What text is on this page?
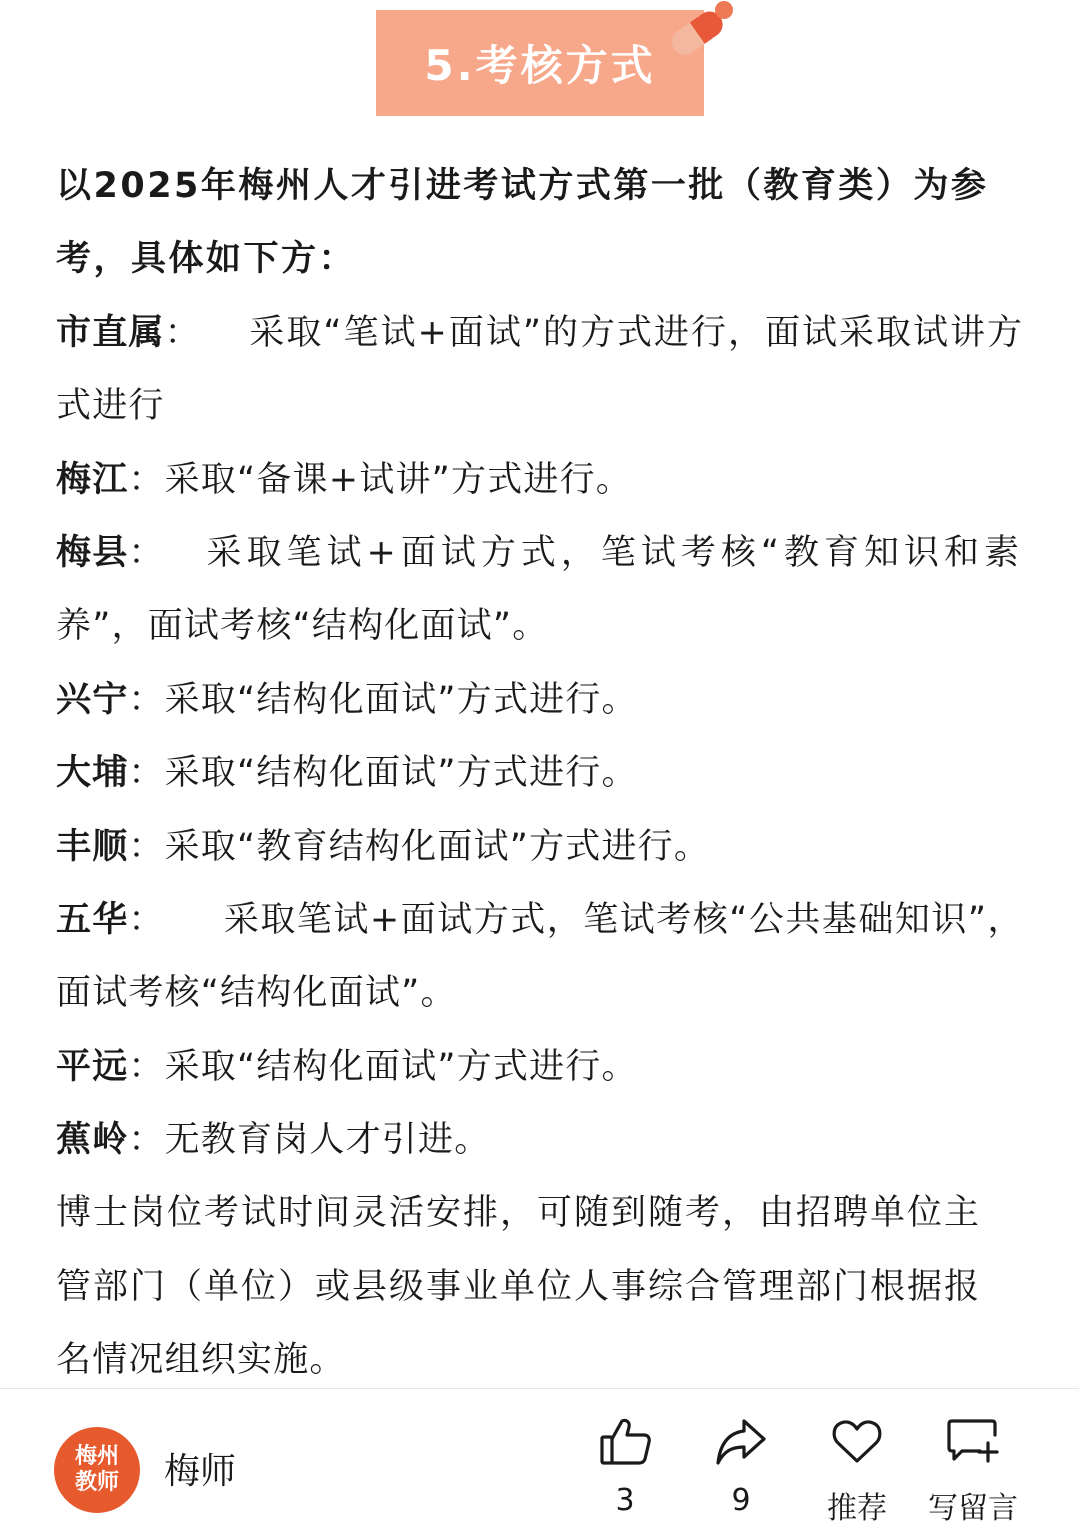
5.考核方式
以2025年梅州人才引进考试方式第一批（教育类）为参
考，具体如下方：
市直属： 采取“笔试+面试”的方式进行，面试采取试讲方
式进行
梅江：采取“备课+试讲”方式进行。
梅县： 采取笔试+面试方式，笔试考核“教育知识和素
养”，面试考核“结构化面试”。
兴宁：采取“结构化面试”方式进行。
大埔：采取“结构化面试”方式进行。
丰顺：采取“教育结构化面试”方式进行。
五华： 采取笔试+面试方式，笔试考核“公共基础知识”，
面试考核“结构化面试”。
平远：采取“结构化面试”方式进行。
蕉岭：无教育岗人才引进。
博士岗位考试时间灵活安排，可随到随考，由招聘单位主
管部门（单位）或县级事业单位人事综合管理部门根据报
名情况组织实施。
梅州
教师 梅师
3	9	推荐 写留言
